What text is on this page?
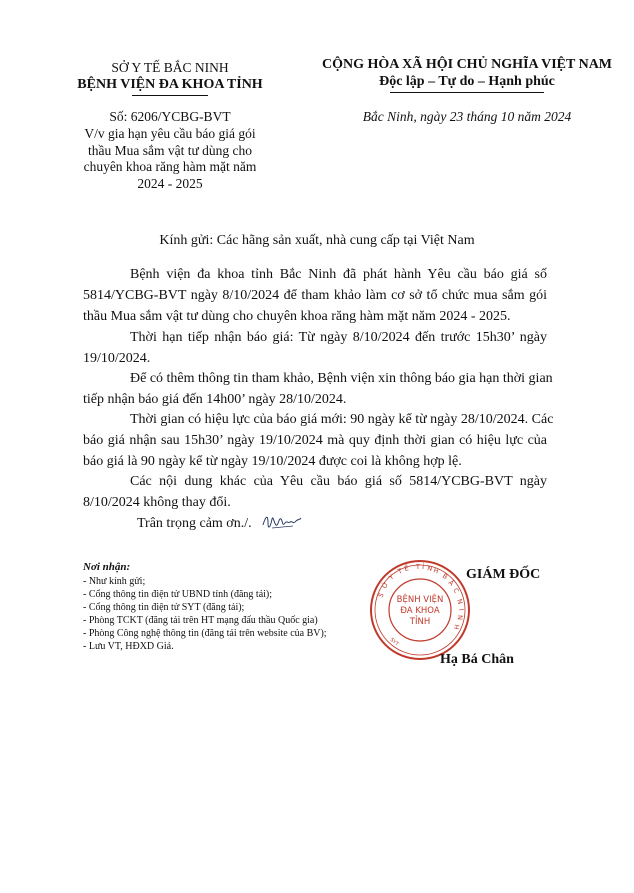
SỞ Y TẾ BẮC NINH
BỆNH VIỆN ĐA KHOA TỈNH
CỘNG HÒA XÃ HỘI CHỦ NGHĨA VIỆT NAM
Độc lập – Tự do – Hạnh phúc
Số: 6206/YCBG-BVT
V/v gia hạn yêu cầu báo giá gói
thầu Mua sắm vật tư dùng cho
chuyên khoa răng hàm mặt năm
2024 - 2025
Bắc Ninh, ngày 23 tháng 10 năm 2024
Kính gửi: Các hãng sản xuất, nhà cung cấp tại Việt Nam
Bệnh viện đa khoa tỉnh Bắc Ninh đã phát hành Yêu cầu báo giá số
5814/YCBG-BVT ngày 8/10/2024 để tham khảo làm cơ sở tổ chức mua sắm gói
thầu Mua sắm vật tư dùng cho chuyên khoa răng hàm mặt năm 2024 - 2025.
Thời hạn tiếp nhận báo giá: Từ ngày 8/10/2024 đến trước 15h30’ ngày
19/10/2024.
Để có thêm thông tin tham khảo, Bệnh viện xin thông báo gia hạn thời gian
tiếp nhận báo giá đến 14h00’ ngày 28/10/2024.
Thời gian có hiệu lực của báo giá mới: 90 ngày kể từ ngày 28/10/2024. Các
báo giá nhận sau 15h30’ ngày 19/10/2024 mà quy định thời gian có hiệu lực của
báo giá là 90 ngày kể từ ngày 19/10/2024 được coi là không hợp lệ.
Các nội dung khác của Yêu cầu báo giá số 5814/YCBG-BVT ngày
8/10/2024 không thay đổi.
Trân trọng cảm ơn./.
Nơi nhận:
- Như kính gửi;
- Cổng thông tin điện tử UBND tỉnh (đăng tải);
- Cổng thông tin điện tử SYT (đăng tải);
- Phòng TCKT (đăng tải trên HT mạng đấu thầu Quốc gia)
- Phòng Công nghệ thông tin (đăng tải trên website của BV);
- Lưu VT, HĐXD Giá.
S
Ở
Y
T Ế T Ỉ N H
B
Ắ
C
N
I
N
H
BỆNH VIỆN
ĐA KHOA
TỈNH
SYT
GIÁM ĐỐC
Hạ Bá Chân
